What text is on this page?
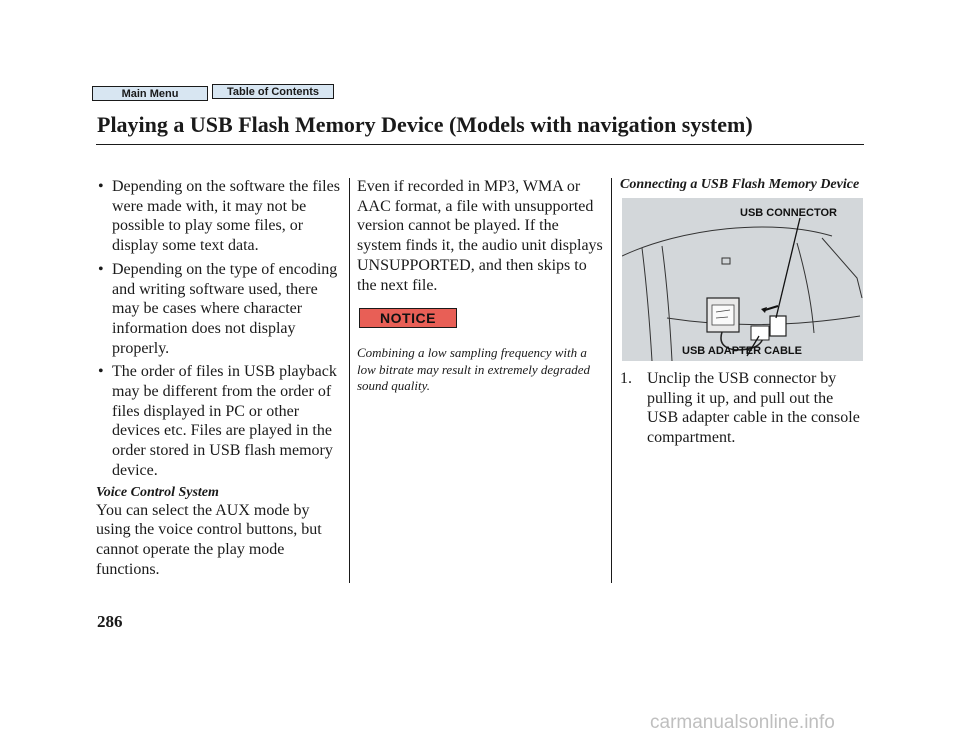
Main Menu	Table of Contents
Playing a USB Flash Memory Device (Models with navigation system)
• Depending on the software the files were made with, it may not be possible to play some files, or display some text data.
• Depending on the type of encoding and writing software used, there may be cases where character information does not display properly.
• The order of files in USB playback may be different from the order of files displayed in PC or other devices etc. Files are played in the order stored in USB flash memory device.
Voice Control System

You can select the AUX mode by using the voice control buttons, but cannot operate the play mode functions.

Even if recorded in MP3, WMA or AAC format, a file with unsupported version cannot be played. If the system finds it, the audio unit displays UNSUPPORTED, and then skips to the next file.

NOTICE

Combining a low sampling frequency with a low bitrate may result in extremely degraded sound quality.

Connecting a USB Flash Memory Device
USB CONNECTOR
USB ADAPTER CABLE
1. Unclip the USB connector by pulling it up, and pull out the USB adapter cable in the console compartment.
286
carmanualsonline.info
